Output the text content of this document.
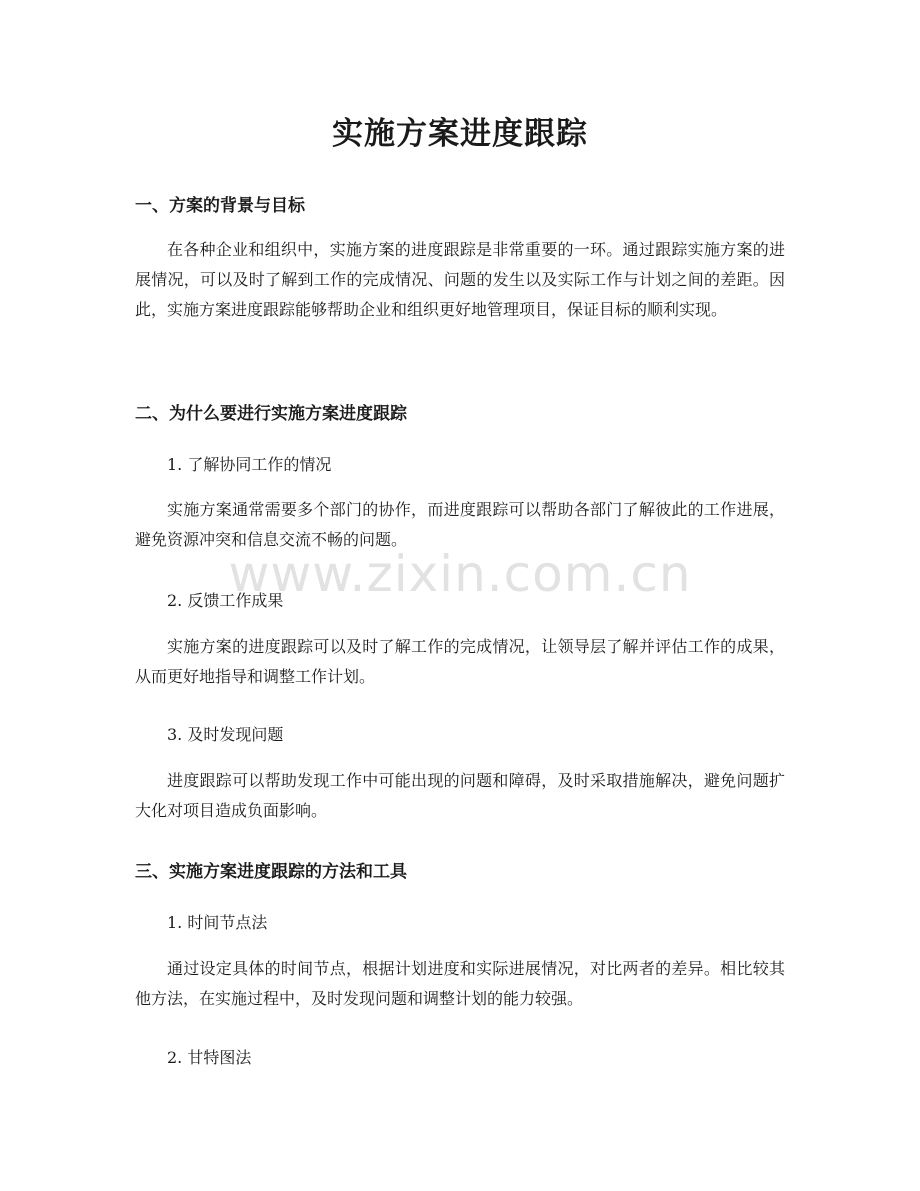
实施方案进度跟踪
一、方案的背景与目标

在各种企业和组织中，实施方案的进度跟踪是非常重要的一环。通过跟踪实施方案的进展情况，可以及时了解到工作的完成情况、问题的发生以及实际工作与计划之间的差距。因此，实施方案进度跟踪能够帮助企业和组织更好地管理项目，保证目标的顺利实现。

二、为什么要进行实施方案进度跟踪

1. 了解协同工作的情况

实施方案通常需要多个部门的协作，而进度跟踪可以帮助各部门了解彼此的工作进展，避免资源冲突和信息交流不畅的问题。

2. 反馈工作成果

实施方案的进度跟踪可以及时了解工作的完成情况，让领导层了解并评估工作的成果，从而更好地指导和调整工作计划。

3. 及时发现问题

进度跟踪可以帮助发现工作中可能出现的问题和障碍，及时采取措施解决，避免问题扩大化对项目造成负面影响。

三、实施方案进度跟踪的方法和工具

1. 时间节点法

通过设定具体的时间节点，根据计划进度和实际进展情况，对比两者的差异。相比较其他方法，在实施过程中，及时发现问题和调整计划的能力较强。

2. 甘特图法

www.zixin.com.cn
